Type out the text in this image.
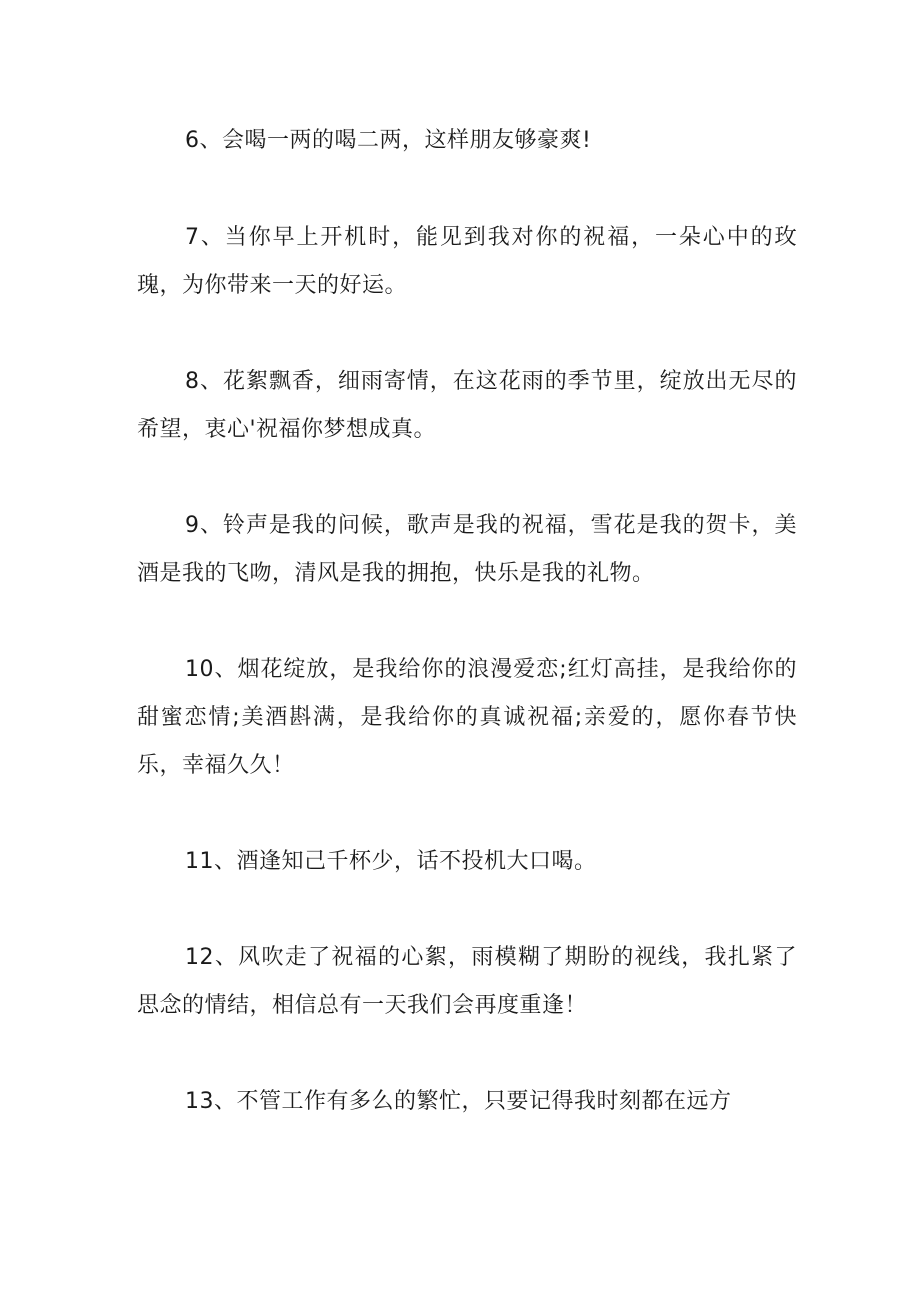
6、会喝一两的喝二两，这样朋友够豪爽!

7、当你早上开机时，能见到我对你的祝福，一朵心中的玫瑰，为你带来一天的好运。

8、花絮飘香，细雨寄情，在这花雨的季节里，绽放出无尽的希望，衷心'祝福你梦想成真。

9、铃声是我的问候，歌声是我的祝福，雪花是我的贺卡，美酒是我的飞吻，清风是我的拥抱，快乐是我的礼物。

10、烟花绽放，是我给你的浪漫爱恋;红灯高挂，是我给你的甜蜜恋情;美酒斟满，是我给你的真诚祝福;亲爱的，愿你春节快乐，幸福久久！

11、酒逢知己千杯少，话不投机大口喝。

12、风吹走了祝福的心絮，雨模糊了期盼的视线，我扎紧了思念的情结，相信总有一天我们会再度重逢！

13、不管工作有多么的繁忙，只要记得我时刻都在远方
